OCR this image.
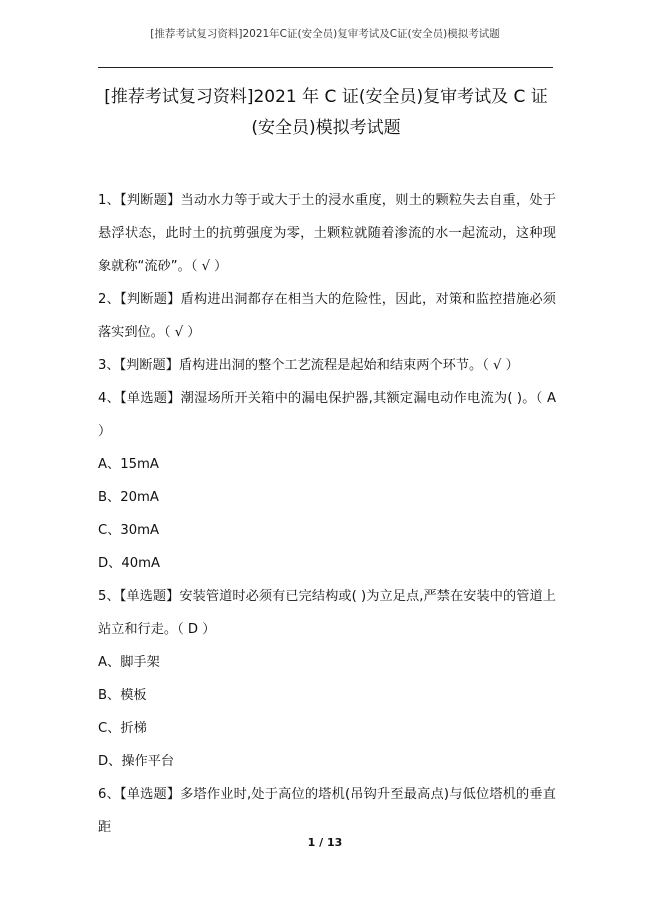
[推荐考试复习资料]2021年C证(安全员)复审考试及C证(安全员)模拟考试题
[推荐考试复习资料]2021 年 C 证(安全员)复审考试及 C 证(安全员)模拟考试题

1、【判断题】当动水力等于或大于土的浸水重度，则土的颗粒失去自重，处于悬浮状态，此时土的抗剪强度为零，土颗粒就随着渗流的水一起流动，这种现象就称“流砂”。（ √ ）

2、【判断题】盾构进出洞都存在相当大的危险性，因此，对策和监控措施必须落实到位。（ √ ）

3、【判断题】盾构进出洞的整个工艺流程是起始和结束两个环节。（ √ ）

4、【单选题】潮湿场所开关箱中的漏电保护器,其额定漏电动作电流为( )。（ A ）

A、15mA

B、20mA

C、30mA

D、40mA

5、【单选题】安装管道时必须有已完结构或( )为立足点,严禁在安装中的管道上站立和行走。（ D ）

A、脚手架

B、模板

C、折梯

D、操作平台

6、【单选题】多塔作业时,处于高位的塔机(吊钩升至最高点)与低位塔机的垂直距

1 / 13
